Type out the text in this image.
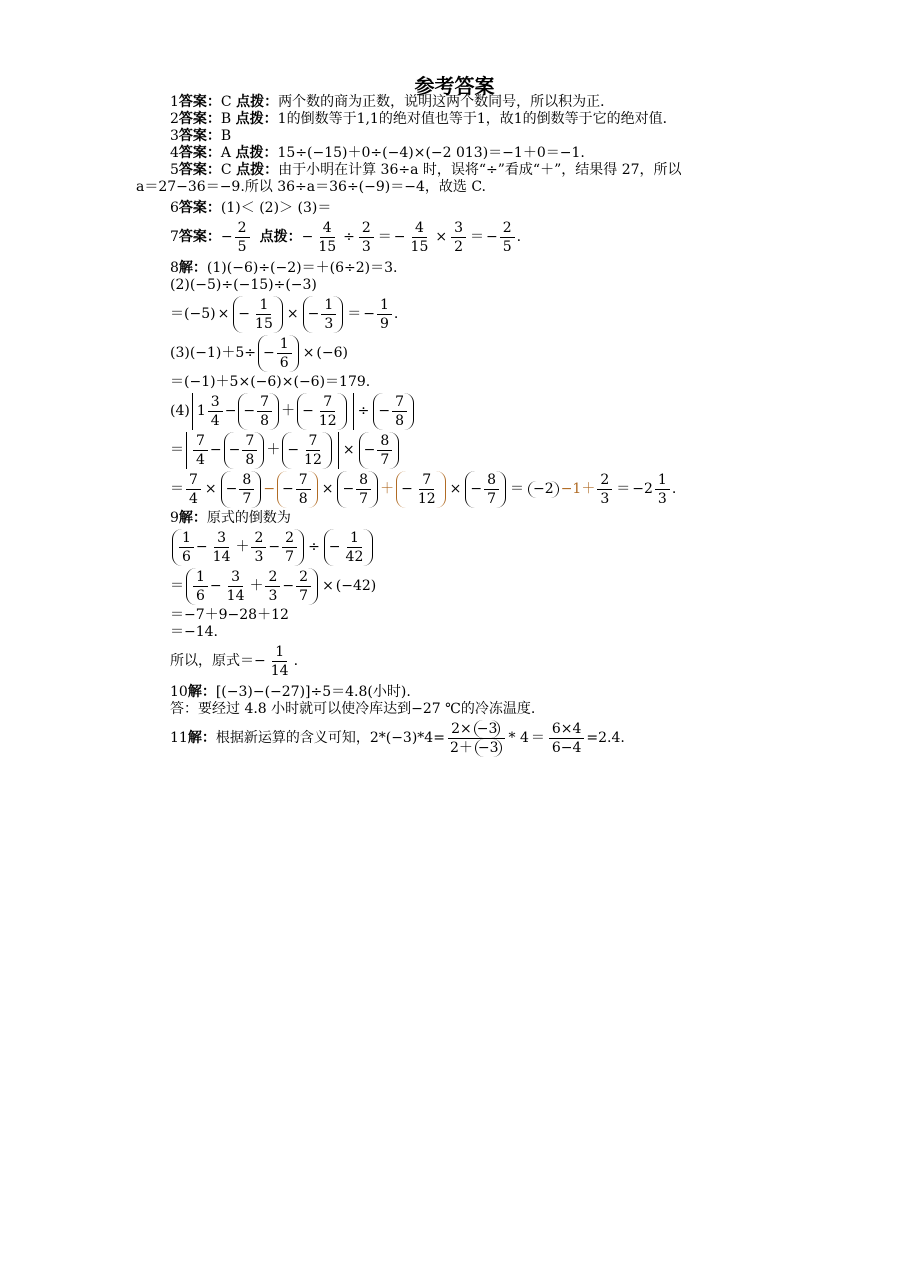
参考答案
1答案：C 点拨：两个数的商为正数，说明这两个数同号，所以积为正．
2答案：B 点拨：1的倒数等于1,1的绝对值也等于1，故1的倒数等于它的绝对值．
3答案：B
4答案：A 点拨：15÷(−15)＋0÷(−4)×(−2 013)＝−1＋0＝−1.
5答案：C 点拨：由于小明在计算 36÷a 时，误将“÷”看成“＋”，结果得 27，所以
a＝27−36＝−9.所以 36÷a＝36÷(−9)＝−4，故选 C.
6答案：(1)＜ (2)＞ (3)＝
7 答案： − $\frac{2}{5}$ 点拨： − $\frac{4}{15} \div \frac{2}{3}$ ＝ − $\frac{4}{15} \times \frac{3}{2}$ ＝ − $\frac{2}{5}$ .
8解：(1)(−6)÷(−2)＝＋(6÷2)＝3.
(2)(−5)÷(−15)÷(−3)
＝ (−5) × − $\frac{1}{15}$ × − $\frac{1}{3}$ ＝ − $\frac{1}{9}$ .
$(3)(-1)+5\div - \frac{1}{6} \times (-6)$
＝(−1)＋5×(−6)×(−6)＝179.
(4) $1 \frac{3}{4}$ − − $\frac{7}{8}$ ＋ − $\frac{7}{12}$ ÷ − $\frac{7}{8}$
＝ $\frac{7}{4}$ − − $\frac{7}{8}$ ＋ − $\frac{7}{12}$ × − $\frac{8}{7}$
＝ $\frac{7}{4}$ × − $\frac{8}{7}$ − − $\frac{7}{8}$ × − $\frac{8}{7}$ ＋ − $\frac{7}{12}$ × − $\frac{8}{7} = -2 - 1 + \frac{2}{3}$ ＝ − $2 \frac{1}{3}$ .
9解：原式的倒数为
$\frac{1}{6} - \frac{3}{14} + \frac{2}{3} - \frac{2}{7}$ ÷ − $\frac{1}{42}$
＝ $\frac{1}{6} - \frac{3}{14} + \frac{2}{3} - \frac{2}{7} \times (-42)$
＝−7＋9−28＋12
＝−14.
所以，原式＝ − $\frac{1}{14}$ .
10解：[(−3)−(−27)]÷5＝4.8(小时).
答：要经过 4.8 小时就可以使冷库达到−27 ℃的冷冻温度.
11 解： 根据新运算的含义可知，$2*(-3)*4= \frac{2\times - 3}{2+ - 3} * 4 = \frac{6\times 4}{6-4} =2.4$.
